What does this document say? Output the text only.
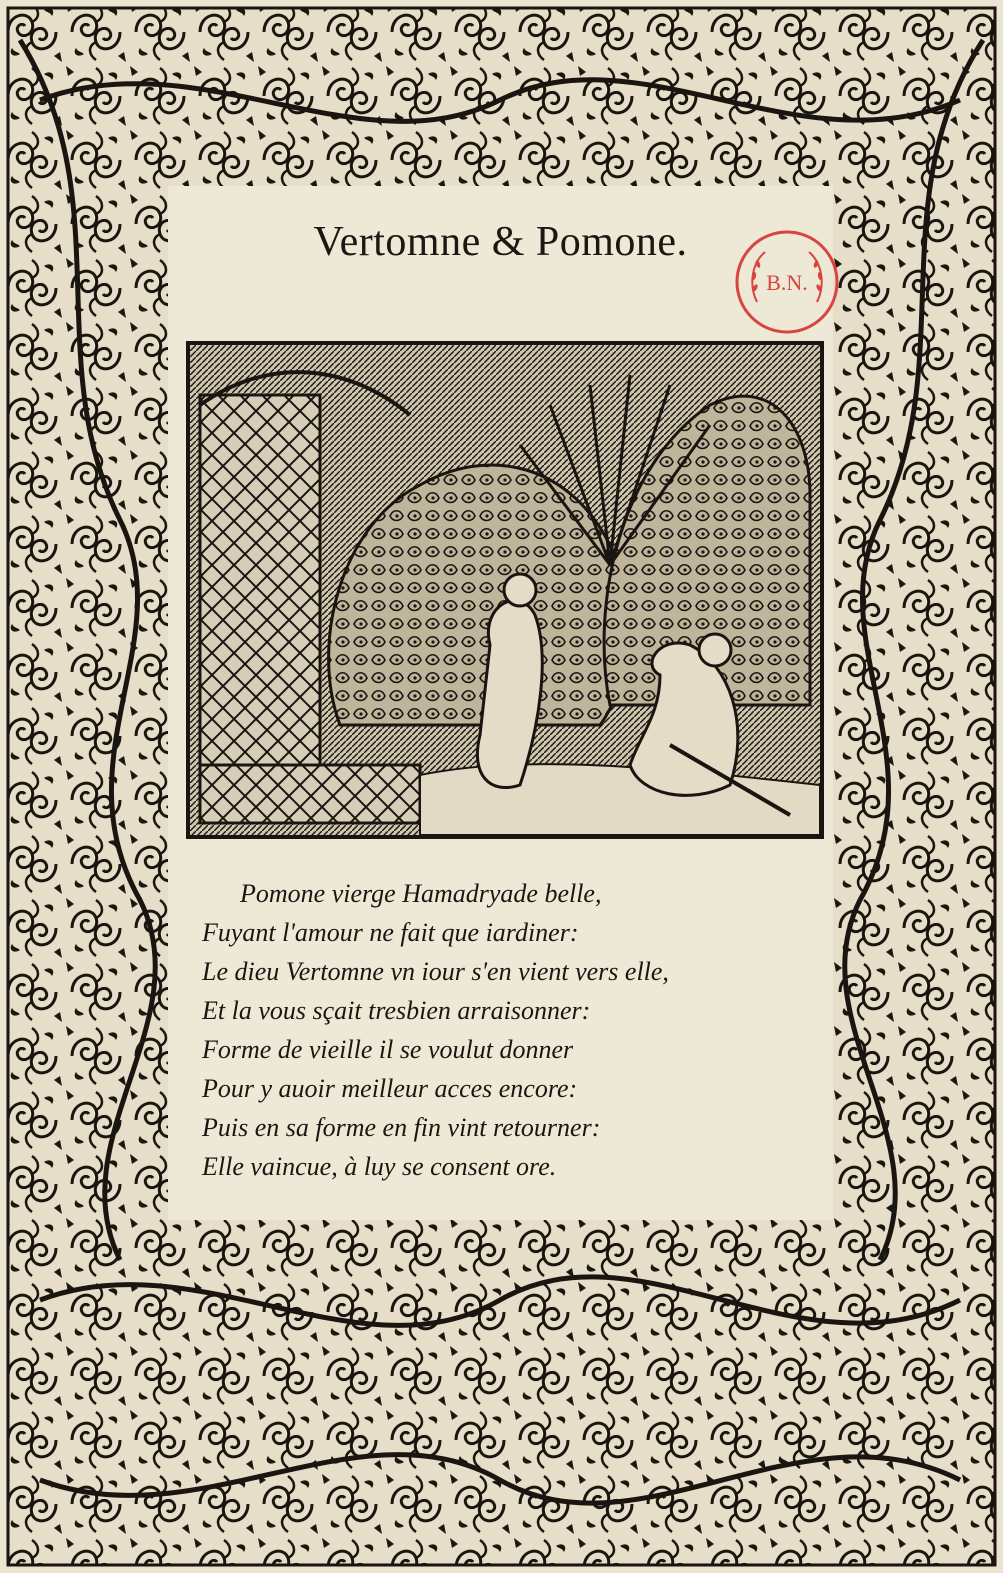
Vertomne & Pomone.
B.N.
Pomone vierge Hamadryade belle,
Fuyant l'amour ne fait que iardiner:
Le dieu Vertomne vn iour s'en vient vers elle,
Et la vous sçait tresbien arraisonner:
Forme de vieille il se voulut donner
Pour y auoir meilleur acces encore:
Puis en sa forme en fin vint retourner:
Elle vaincue, à luy se consent ore.
